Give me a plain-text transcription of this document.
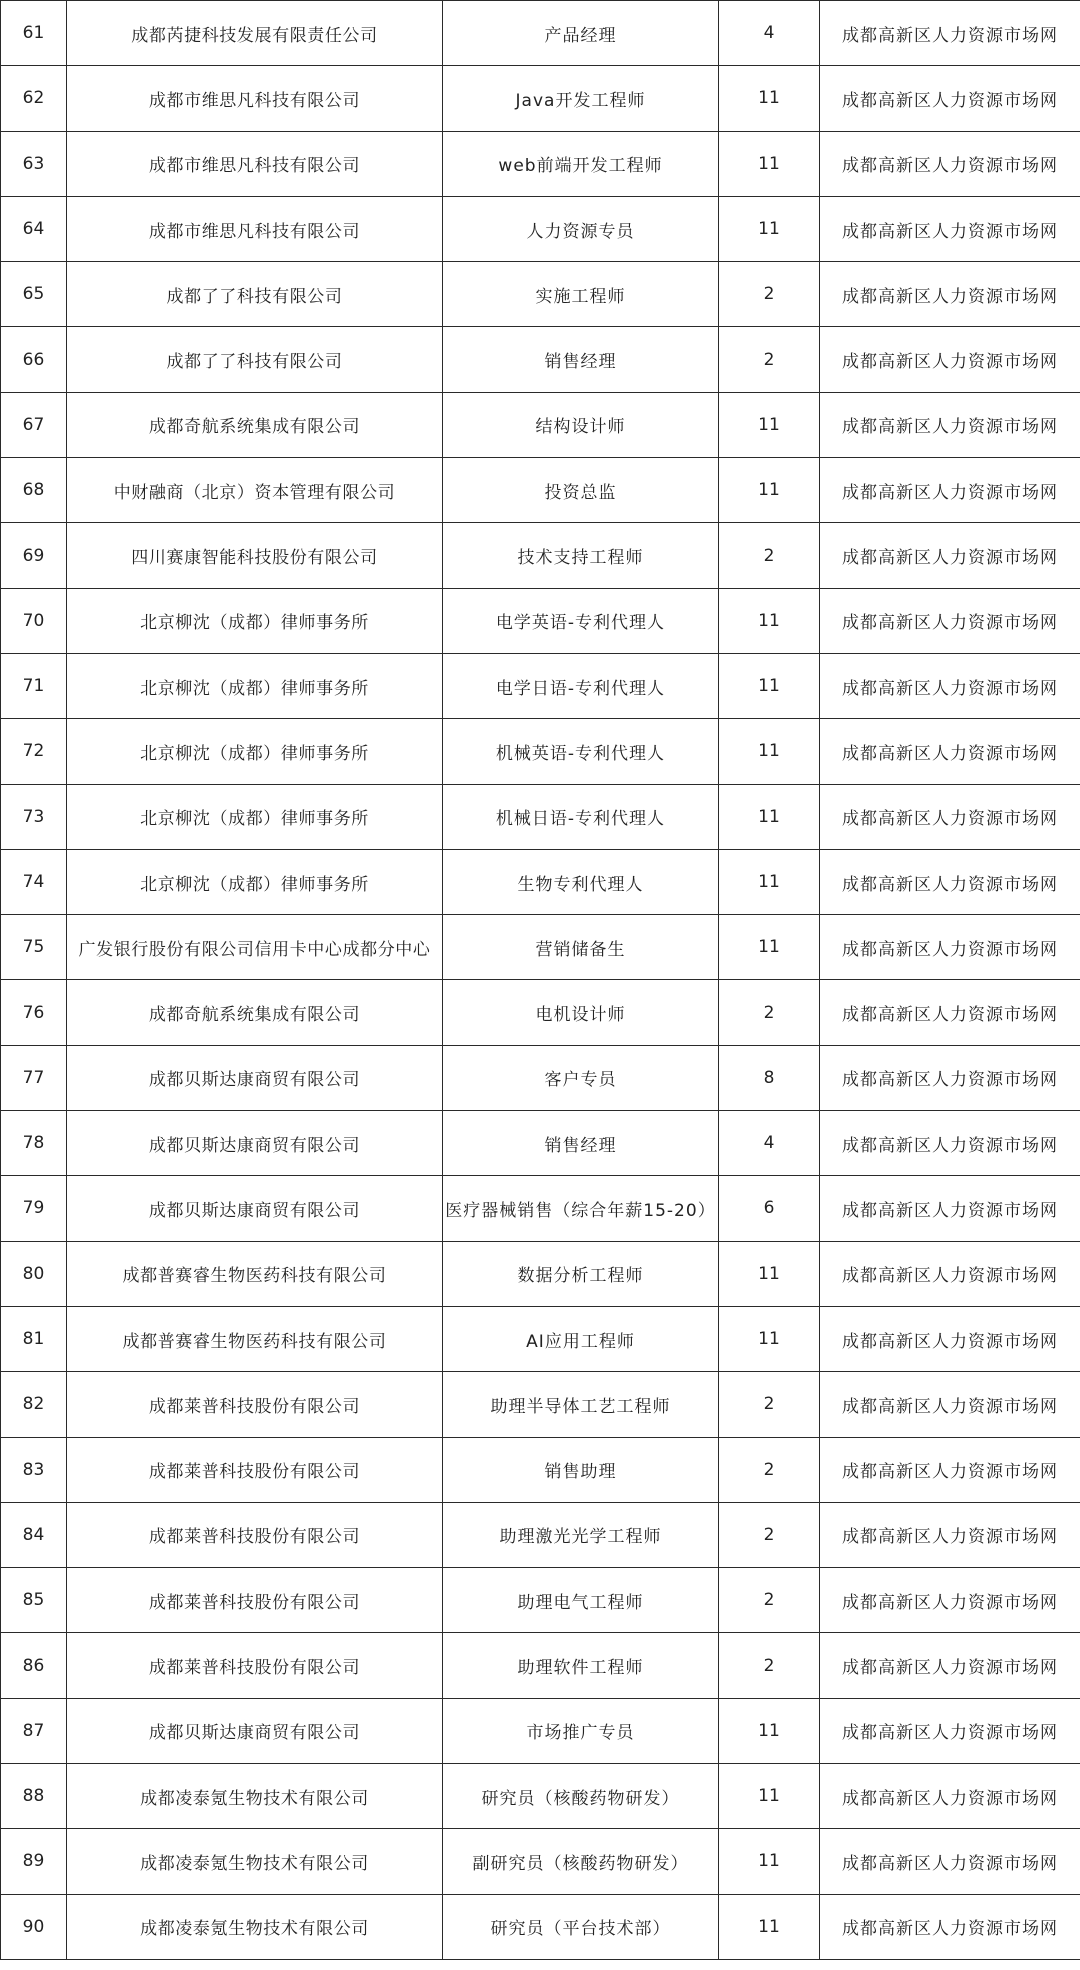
61	成都芮捷科技发展有限责任公司	产品经理	4	成都高新区人力资源市场网
62	成都市维思凡科技有限公司	Java开发工程师	11	成都高新区人力资源市场网
63	成都市维思凡科技有限公司	web前端开发工程师	11	成都高新区人力资源市场网
64	成都市维思凡科技有限公司	人力资源专员	11	成都高新区人力资源市场网
65	成都了了科技有限公司	实施工程师	2	成都高新区人力资源市场网
66	成都了了科技有限公司	销售经理	2	成都高新区人力资源市场网
67	成都奇航系统集成有限公司	结构设计师	11	成都高新区人力资源市场网
68	中财融商（北京）资本管理有限公司	投资总监	11	成都高新区人力资源市场网
69	四川赛康智能科技股份有限公司	技术支持工程师	2	成都高新区人力资源市场网
70	北京柳沈（成都）律师事务所	电学英语-专利代理人	11	成都高新区人力资源市场网
71	北京柳沈（成都）律师事务所	电学日语-专利代理人	11	成都高新区人力资源市场网
72	北京柳沈（成都）律师事务所	机械英语-专利代理人	11	成都高新区人力资源市场网
73	北京柳沈（成都）律师事务所	机械日语-专利代理人	11	成都高新区人力资源市场网
74	北京柳沈（成都）律师事务所	生物专利代理人	11	成都高新区人力资源市场网
75	广发银行股份有限公司信用卡中心成都分中心	营销储备生	11	成都高新区人力资源市场网
76	成都奇航系统集成有限公司	电机设计师	2	成都高新区人力资源市场网
77	成都贝斯达康商贸有限公司	客户专员	8	成都高新区人力资源市场网
78	成都贝斯达康商贸有限公司	销售经理	4	成都高新区人力资源市场网
79	成都贝斯达康商贸有限公司	医疗器械销售（综合年薪15-20）	6	成都高新区人力资源市场网
80	成都普赛睿生物医药科技有限公司	数据分析工程师	11	成都高新区人力资源市场网
81	成都普赛睿生物医药科技有限公司	AI应用工程师	11	成都高新区人力资源市场网
82	成都莱普科技股份有限公司	助理半导体工艺工程师	2	成都高新区人力资源市场网
83	成都莱普科技股份有限公司	销售助理	2	成都高新区人力资源市场网
84	成都莱普科技股份有限公司	助理激光光学工程师	2	成都高新区人力资源市场网
85	成都莱普科技股份有限公司	助理电气工程师	2	成都高新区人力资源市场网
86	成都莱普科技股份有限公司	助理软件工程师	2	成都高新区人力资源市场网
87	成都贝斯达康商贸有限公司	市场推广专员	11	成都高新区人力资源市场网
88	成都凌泰氪生物技术有限公司	研究员（核酸药物研发）	11	成都高新区人力资源市场网
89	成都凌泰氪生物技术有限公司	副研究员（核酸药物研发）	11	成都高新区人力资源市场网
90	成都凌泰氪生物技术有限公司	研究员（平台技术部）	11	成都高新区人力资源市场网
